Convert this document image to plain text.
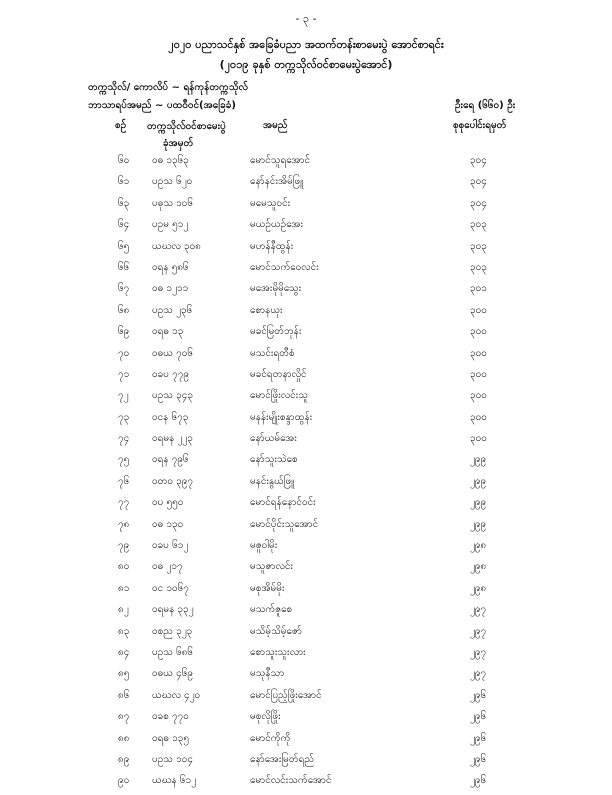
- ၃ -
၂၀၂၀ ပညာသင်နှစ် အခြေခံပညာ အထက်တန်းစာမေးပွဲ အောင်စာရင်း
(၂၀၁၉ ခုနှစ် တက္ကသိုလ်ဝင်စာမေးပွဲအောင်)
တက္ကသိုလ်/ ကောလိပ် ~ ရန်ကုန်တက္ကသိုလ်
ဘာသာရပ်အမည် ~ ပထဝီဝင်(အခြေခံ)	ဦးရေ (၆၆၀) ဦး
စဉ် တက္ကသိုလ်ဝင်စာမေးပွဲ
ခုံအမှတ်
အမည်	စုစုပေါင်းရမှတ်
၆၀ ဝဓ ၁၃၆၃	မောင်သူရအောင်	၃၀၄
၆၁ ပဥသ ၆၂၀	နော်နင်းအိမ်ဖြူ	၃၀၄
၆၃ ပဓုသ ၁၀၆	မမေသူဝင်း	၃၀၄
၆၄ ပဥမ ၅၁၂	မယဉ်ယဉ်အေး	၃၀၃
၆၅ ယဃလ ၃၀၈	မဟန်နီထွန်း	၃၀၃
၆၆ ဝရန ၅၈၆	မောင်သက်ဝေလင်း	၃၀၃
၆၇ ဝဓ ၁၂၁၁	မအေးမိုမိုသွေး	၃၀၁
၆၈ ပဥသ ၂၃၆	စောနယုး	၃၀၀
၆၉ ဝရဓ ၁၃	မခင်မြတ်ဘုန်း	၃၀၀
၇၀ ဝဓယ ၇၀၆	မသင်းရတီစံ	၃၀၀
၇၁ ဝခပ ၇၇၉	မခင်ရတနာလှိုင်	၃၀၀
၇၂ ပဥသ ၃၄၃	မောင်ဖြိုးလင်းသူ	၃၀၀
၇၃ ဝငန ၆၇၃	မနန်းမျိုးစန္ဒာထွန်း	၃၀၀
၇၄ ဝရမန ၂၂၃	နော်ယမ်အေး	၃၀၀
၇၅ ဝရန ၇၉၆	နော်သူးသဲစေ	၂၉၉
၇၆ ဝတဝ ၃၉၇	မနင်းနွယ်ဖြူ	၂၉၉
၇၇ ဝပ ၅၅၀	မောင်ရန်နောင်ဝင်း	၂၉၉
၇၈ ဝဓ ၁၃၀	မောင်ပိုင်းသူအောင်	၂၉၉
၇၉ ဝခပ ၆၁၂	မဇူဝါမိုး	၂၉၈
၈၀ ဝဓ ၂၁၇	မသူဇာလင်း	၂၉၈
၈၁ ဝင ၁၀၆၇	မစုအိမ်မိုး	၂၉၈
၈၂ ဝရမန ၃၃၂	မသက်ဇူစေ	၂၉၇
၈၃ ဝစည ၃၂၃	မသိမ့်သိမ့်ဇော်	၂၉၇
၈၄ ပဥသ ၆၈၆	စောသူးသူးလား	၂၉၇
၈၅ ဝဓယ ၄၆၉	မသုနီသာ	၂၉၇
၈၆ ယဃလ ၄၂၀	မောင်ပြည့်ဖြိုးအောင်	၂၉၆
၈၇ ဝခစ ၇၇၀	မစုလိုဖြိုး	၂၉၆
၈၈ ဝရဓ ၁၃၅	မောင်ကိုကို	၂၉၆
၈၉ ပဥသ ၁၀၄	နော်အေးမြတ်ရည်	၂၉၆
၉၀ ယဃန ၆၁၂	မောင်လင်းသက်အောင်	၂၉၆
